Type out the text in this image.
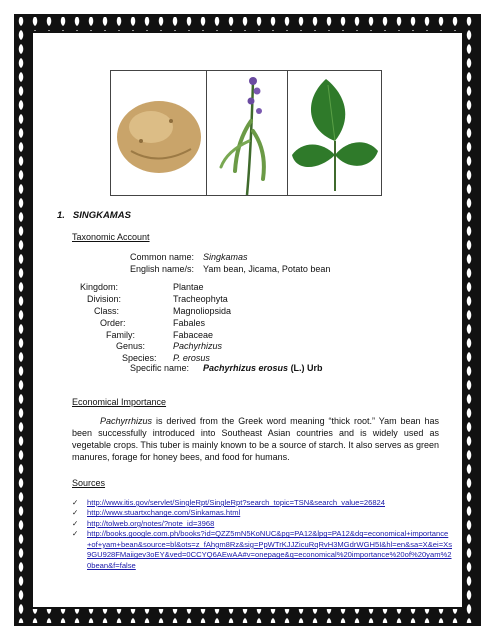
1. SINGKAMAS
Taxonomic Account
Common name: Singkamas
English name/s: Yam bean, Jicama, Potato bean
Kingdom:	Plantae
Division:	Tracheophyta
Class:	Magnoliopsida
Order:	Fabales
Family:	Fabaceae
Genus:	Pachyrhizus
Species:	P. erosus
Specific name:	Pachyrhizus erosus (L.) Urb
Economical Importance
Pachyrrhizus is derived from the Greek word meaning “thick root.” Yam bean has been successfully introduced into Southeast Asian countries and is widely used as vegetable crops. This tuber is mainly known to be a source of starch. It also serves as green manures, forage for honey bees, and food for humans.
Sources
✓	http://www.itis.gov/servlet/SingleRpt/SingleRpt?search_topic=TSN&search_value=26824
✓	http://www.stuartxchange.com/Sinkamas.html
✓	http://tolweb.org/notes/?note_id=3968
✓	http://books.google.com.ph/books?id=QZZ5mN5KoNUC&pg=PA12&lpg=PA12&dq=economical+importance+of+yam+bean&source=bl&ots=z_fAhgm8Rz&sig=PpWTrKJJZicuRqRvH3MGdrWGH5I&hl=en&sa=X&ei=Xs9GU928FMaiigev3oEY&ved=0CCYQ6AEwAA#v=onepage&q=economical%20importance%20of%20yam%20bean&f=false
